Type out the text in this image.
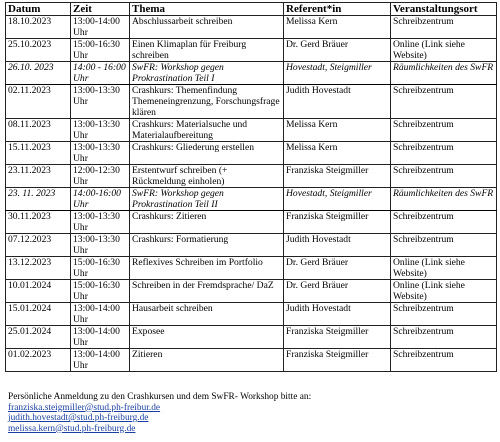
Datum	Zeit	Thema	Referent*in	Veranstaltungsort
18.10.2023	13:00-14:00 Uhr	Abschlussarbeit schreiben	Melissa Kern	Schreibzentrum
25.10.2023	15:00-16:30 Uhr	Einen Klimaplan für Freiburg schreiben	Dr. Gerd Bräuer	Online (Link siehe Website)
26.10. 2023	14:00 - 16:00 Uhr	SwFR: Workshop gegen Prokrastination Teil I	Hovestadt, Steigmiller	Räumlichkeiten des SwFR
02.11.2023	13:00-13:30 Uhr	Crashkurs: Themenfindung Themeneingrenzung, Forschungsfrage klären	Judith Hovestadt	Schreibzentrum
08.11.2023	13:00-13:30 Uhr	Crashkurs: Materialsuche und Materialaufbereitung	Melissa Kern	Schreibzentrum
15.11.2023	13:00-13:30 Uhr	Crashkurs: Gliederung erstellen	Melissa Kern	Schreibzentrum
23.11.2023	12:00-12:30 Uhr	Erstentwurf schreiben (+ Rückmeldung einholen)	Franziska Steigmiller	Schreibzentrum
23. 11. 2023	14:00-16:00 Uhr	SwFR: Workshop gegen Prokrastination Teil II	Hovestadt, Steigmiller	Räumlichkeiten des SwFR
30.11.2023	13:00-13:30 Uhr	Crashkurs: Zitieren	Franziska Steigmiller	Schreibzentrum
07.12.2023	13:00-13:30 Uhr	Crashkurs: Formatierung	Judith Hovestadt	Schreibzentrum
13.12.2023	15:00-16:30 Uhr	Reflexives Schreiben im Portfolio	Dr. Gerd Bräuer	Online (Link siehe Website)
10.01.2024	15:00-16:30 Uhr	Schreiben in der Fremdsprache/ DaZ	Dr. Gerd Bräuer	Online (Link siehe Website)
15.01.2024	13:00-14:00 Uhr	Hausarbeit schreiben	Judith Hovestadt	Schreibzentrum
25.01.2024	13:00-14:00 Uhr	Exposee	Franziska Steigmiller	Schreibzentrum
01.02.2023	13:00-14:00 Uhr	Zitieren	Franziska Steigmiller	Schreibzentrum
Persönliche Anmeldung zu den Crashkursen und dem SwFR- Workshop bitte an:
franziska.steigmiller@stud.ph-freibur.de
judith.hovestadt@stud.ph-freiburg.de
melissa.kern@stud.ph-freiburg.de
